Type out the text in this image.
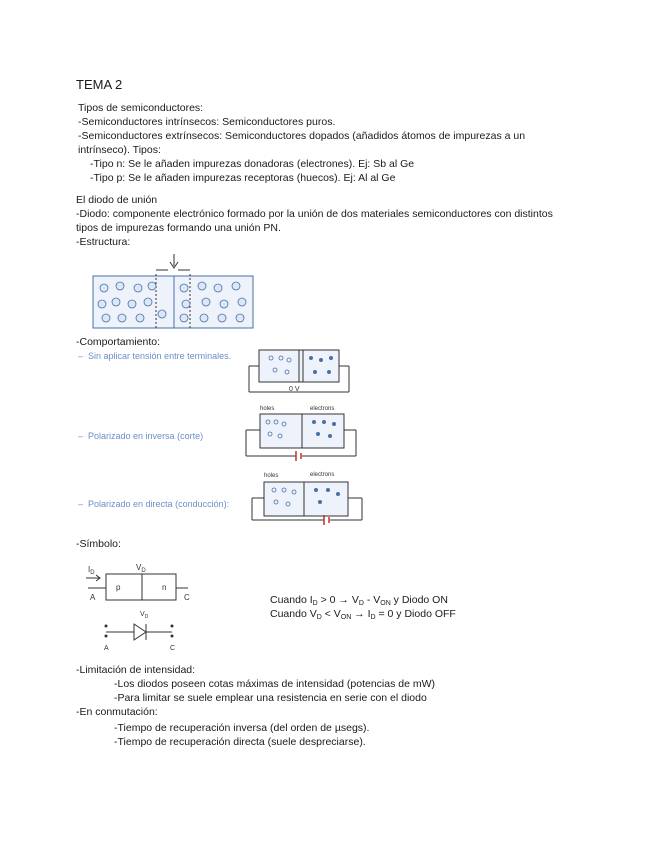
TEMA 2
Tipos de semiconductores:
-Semiconductores intrínsecos: Semiconductores puros.
-Semiconductores extrínsecos: Semiconductores dopados (añadidos átomos de impurezas a un
intrínseco). Tipos:
-Tipo n: Se le añaden impurezas donadoras (electrones). Ej: Sb al Ge
-Tipo p: Se le añaden impurezas receptoras (huecos). Ej: Al al Ge
El diodo de unión
-Diodo: componente electrónico formado por la unión de dos materiales semiconductores con distintos
tipos de impurezas formando una unión PN.
-Estructura:
-Comportamiento:
–  Sin aplicar tensión entre terminales.
0 V
–  Polarizado en inversa (corte)
holes	electrons
–  Polarizado en directa (conducción):
holes	electrons
-Símbolo:
$I_D$
$V_D$
p	n
A	C
$V_D$
A	C
Cuando $I_D > 0 \to V_D - V_{ON}$ y Diodo ON
Cuando $V_D < V_{ON} \to I_D = 0$ y Diodo OFF
-Limitación de intensidad:
-Los diodos poseen cotas máximas de intensidad (potencias de mW)
-Para limitar se suele emplear una resistencia en serie con el diodo
-En conmutación:
-Tiempo de recuperación inversa (del orden de µsegs).
-Tiempo de recuperación directa (suele despreciarse).
